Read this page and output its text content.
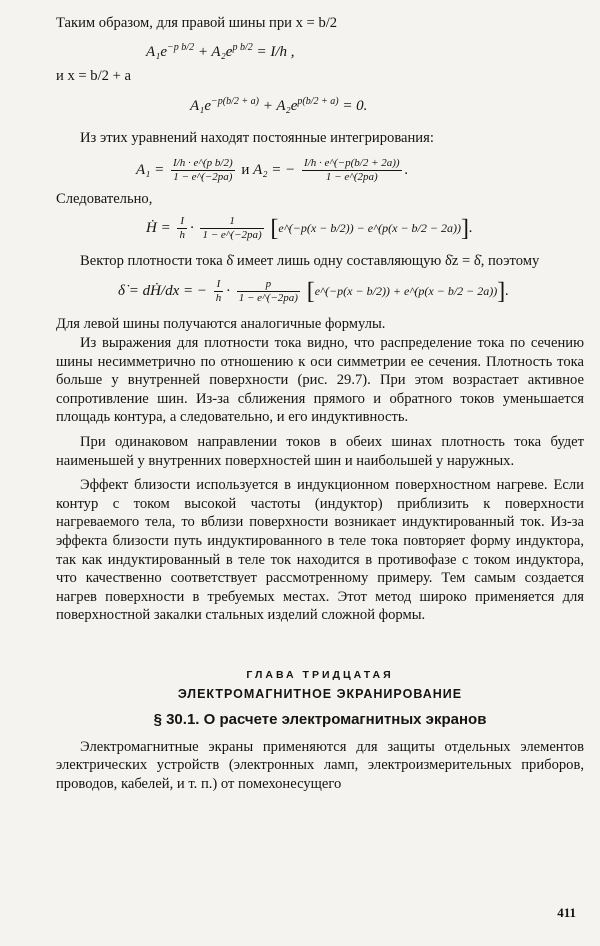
Таким образом, для правой шины при x = b/2

$A_1e^{-p b/2} + A_2e^{p b/2} = I/h$ ,

и x = b/2 + a

$A_1e^{-p(b/2 + a)} + A_2e^{p(b/2 + a)} = 0$.

Из этих уравнений находят постоянные интегрирования:

$A_1 = \frac{\text{I/h · e\textasciicircum{}(p b/2)}}{1 - e\^{}(-2pa)}$ и A₂ = − $\frac{I/h \cdot e\^{}(-p(b/2 + 2a))}{1 - e\^{}(2pa)}$ .

Следовательно,

Ḣ = $\frac{I}{h} \cdot \frac{1}{1 - e\^{}(-2pa)}$ [e^(−p(x − b/2)) − e^(p(x − b/2 − 2a))].

Вектор плотности тока δ̇ имеет лишь одну составляющую δ̇z = δ̇, поэтому

δ̇ = dḢ/dx = − $\frac{I}{h} \cdot \frac{p}{1 - e\^{}(-2pa)}$ [e^(−p(x − b/2)) + e^(p(x − b/2 − 2a))].

Для левой шины получаются аналогичные формулы.

Из выражения для плотности тока видно, что распределение тока по сечению шины несимметрично по отношению к оси симметрии ее сечения. Плотность тока больше у внутренней поверхности (рис. 29.7). При этом возрастает активное сопротивление шин. Из-за сближения прямого и обратного токов уменьшается площадь контура, а следовательно, и его индуктивность.

При одинаковом направлении токов в обеих шинах плотность тока будет наименьшей у внутренних поверхностей шин и наибольшей у наружных.

Эффект близости используется в индукционном поверхностном нагреве. Если контур с током высокой частоты (индуктор) приблизить к поверхности нагреваемого тела, то вблизи поверхности возникает индуктированный ток. Из-за эффекта близости путь индуктированного в теле тока повторяет форму индуктора, так как индуктированный в теле ток находится в противофазе с током индуктора, что качественно соответствует рассмотренному примеру. Тем самым создается нагрев поверхности в требуемых местах. Этот метод широко применяется для поверхностной закалки стальных изделий сложной формы.

ГЛАВА ТРИДЦАТАЯ
ЭЛЕКТРОМАГНИТНОЕ ЭКРАНИРОВАНИЕ
§ 30.1. О расчете электромагнитных экранов

Электромагнитные экраны применяются для защиты отдельных элементов электрических устройств (электронных ламп, электроизмерительных приборов, проводов, кабелей, и т. п.) от помехонесущего

411
